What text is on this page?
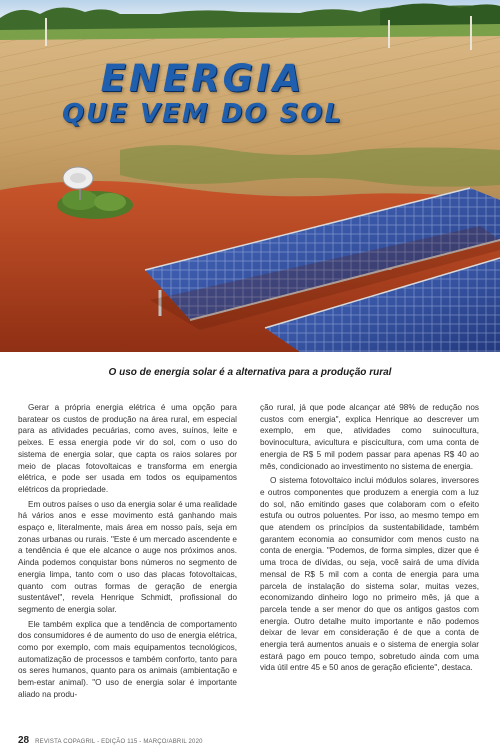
ENERGIA
QUE VEM DO SOL

O uso de energia solar é a alternativa para a produção rural

Gerar a própria energia elétrica é uma opção para baratear os custos de produção na área rural, em especial para as atividades pecuárias, como aves, suínos, leite e peixes. E essa energia pode vir do sol, com o uso do sistema de energia solar, que capta os raios solares por meio de placas fotovoltaicas e transforma em energia elétrica, e pode ser usada em todos os equipamentos elétricos da propriedade.

Em outros países o uso da energia solar é uma realidade há vários anos e esse movimento está ganhando mais espaço e, literalmente, mais área em nosso país, seja em zonas urbanas ou rurais. "Este é um mercado ascendente e a tendência é que ele alcance o auge nos próximos anos. Ainda podemos conquistar bons números no segmento de energia limpa, tanto com o uso das placas fotovoltaicas, quanto com outras formas de geração de energia sustentável", revela Henrique Schmidt, profissional do segmento de energia solar.

Ele também explica que a tendência de comportamento dos consumidores é de aumento do uso de energia elétrica, como por exemplo, com mais equipamentos tecnológicos, automatização de processos e também conforto, tanto para os seres humanos, quanto para os animais (ambientação e bem-estar animal). "O uso de energia solar é importante aliado na produ-

ção rural, já que pode alcançar até 98% de redução nos custos com energia", explica Henrique ao descrever um exemplo, em que, atividades como suinocultura, bovinocultura, avicultura e piscicultura, com uma conta de energia de R$ 5 mil podem passar para apenas R$ 40 ao mês, condicionado ao investimento no sistema de energia.

O sistema fotovoltaico inclui módulos solares, inversores e outros componentes que produzem a energia com a luz do sol, não emitindo gases que colaboram com o efeito estufa ou outros poluentes. Por isso, ao mesmo tempo em que atendem os princípios da sustentabilidade, também garantem economia ao consumidor com menos custo na conta de energia. "Podemos, de forma simples, dizer que é uma troca de dívidas, ou seja, você sairá de uma dívida mensal de R$ 5 mil com a conta de energia para uma parcela de instalação do sistema solar, muitas vezes, economizando dinheiro logo no primeiro mês, já que a parcela tende a ser menor do que os antigos gastos com energia. Outro detalhe muito importante e não podemos deixar de levar em consideração é de que a conta de energia terá aumentos anuais e o sistema de energia solar estará pago em pouco tempo, sobretudo ainda com uma vida útil entre 45 e 50 anos de geração eficiente", destaca.

28 REVISTA COPAGRIL - EDIÇÃO 115 - MARÇO/ABRIL 2020
